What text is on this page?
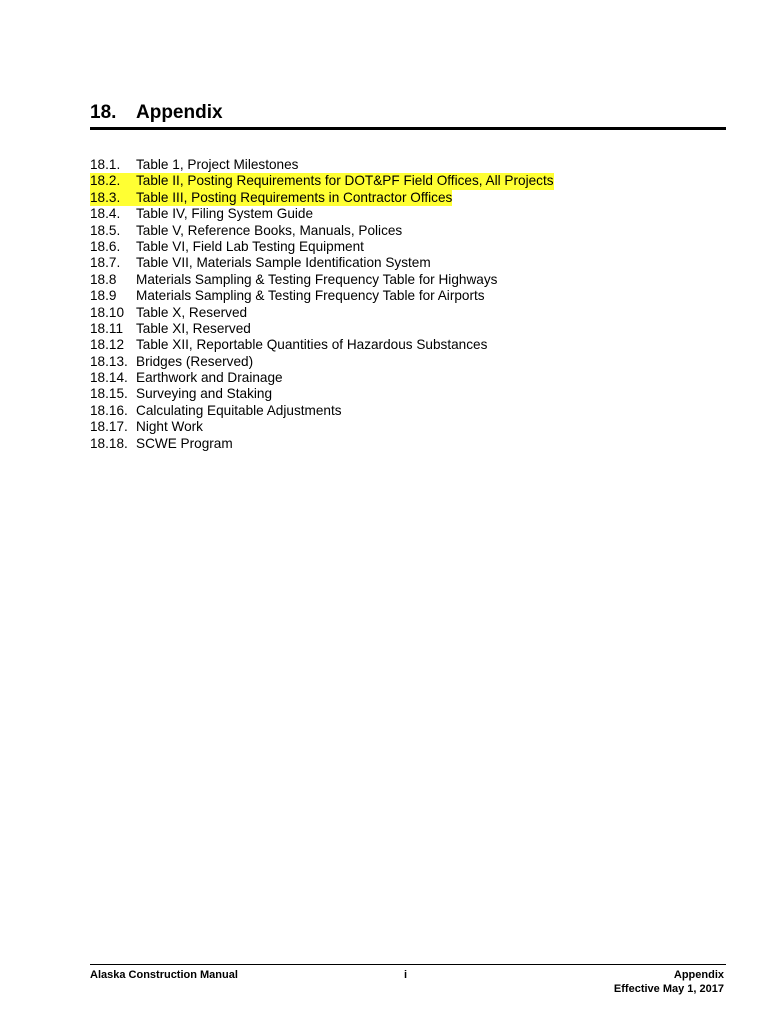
18. Appendix
18.1.	Table 1, Project Milestones
18.2.	Table II, Posting Requirements for DOT&PF Field Offices, All Projects
18.3.	Table III, Posting Requirements in Contractor Offices
18.4.	Table IV, Filing System Guide
18.5.	Table V, Reference Books, Manuals, Polices
18.6.	Table VI, Field Lab Testing Equipment
18.7.	Table VII, Materials Sample Identification System
18.8	Materials Sampling & Testing Frequency Table for Highways
18.9	Materials Sampling & Testing Frequency Table for Airports
18.10 Table X, Reserved
18.11 Table XI, Reserved
18.12 Table XII, Reportable Quantities of Hazardous Substances
18.13. Bridges (Reserved)
18.14. Earthwork and Drainage
18.15. Surveying and Staking
18.16. Calculating Equitable Adjustments
18.17. Night Work
18.18. SCWE Program
Alaska Construction Manual	i	Appendix
Effective May 1, 2017
